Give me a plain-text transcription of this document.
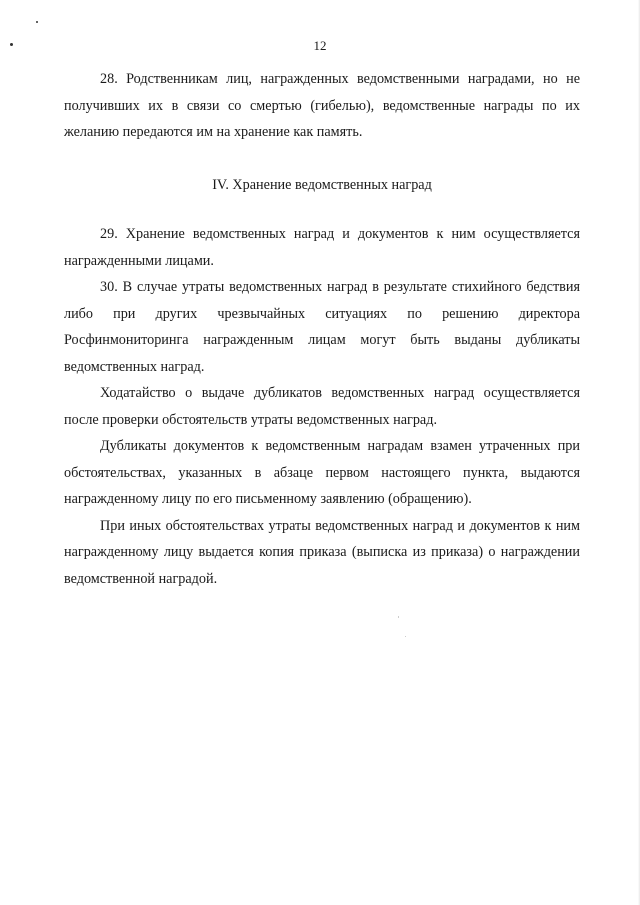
12

28. Родственникам лиц, награжденных ведомственными наградами, но не получивших их в связи со смертью (гибелью), ведомственные награды по их желанию передаются им на хранение как память.

IV. Хранение ведомственных наград

29. Хранение ведомственных наград и документов к ним осуществляется награжденными лицами.

30. В случае утраты ведомственных наград в результате стихийного бедствия либо при других чрезвычайных ситуациях по решению директора Росфинмониторинга награжденным лицам могут быть выданы дубликаты ведомственных наград.

Ходатайство о выдаче дубликатов ведомственных наград осуществляется после проверки обстоятельств утраты ведомственных наград.

Дубликаты документов к ведомственным наградам взамен утраченных при обстоятельствах, указанных в абзаце первом настоящего пункта, выдаются награжденному лицу по его письменному заявлению (обращению).

При иных обстоятельствах утраты ведомственных наград и документов к ним награжденному лицу выдается копия приказа (выписка из приказа) о награждении ведомственной наградой.
